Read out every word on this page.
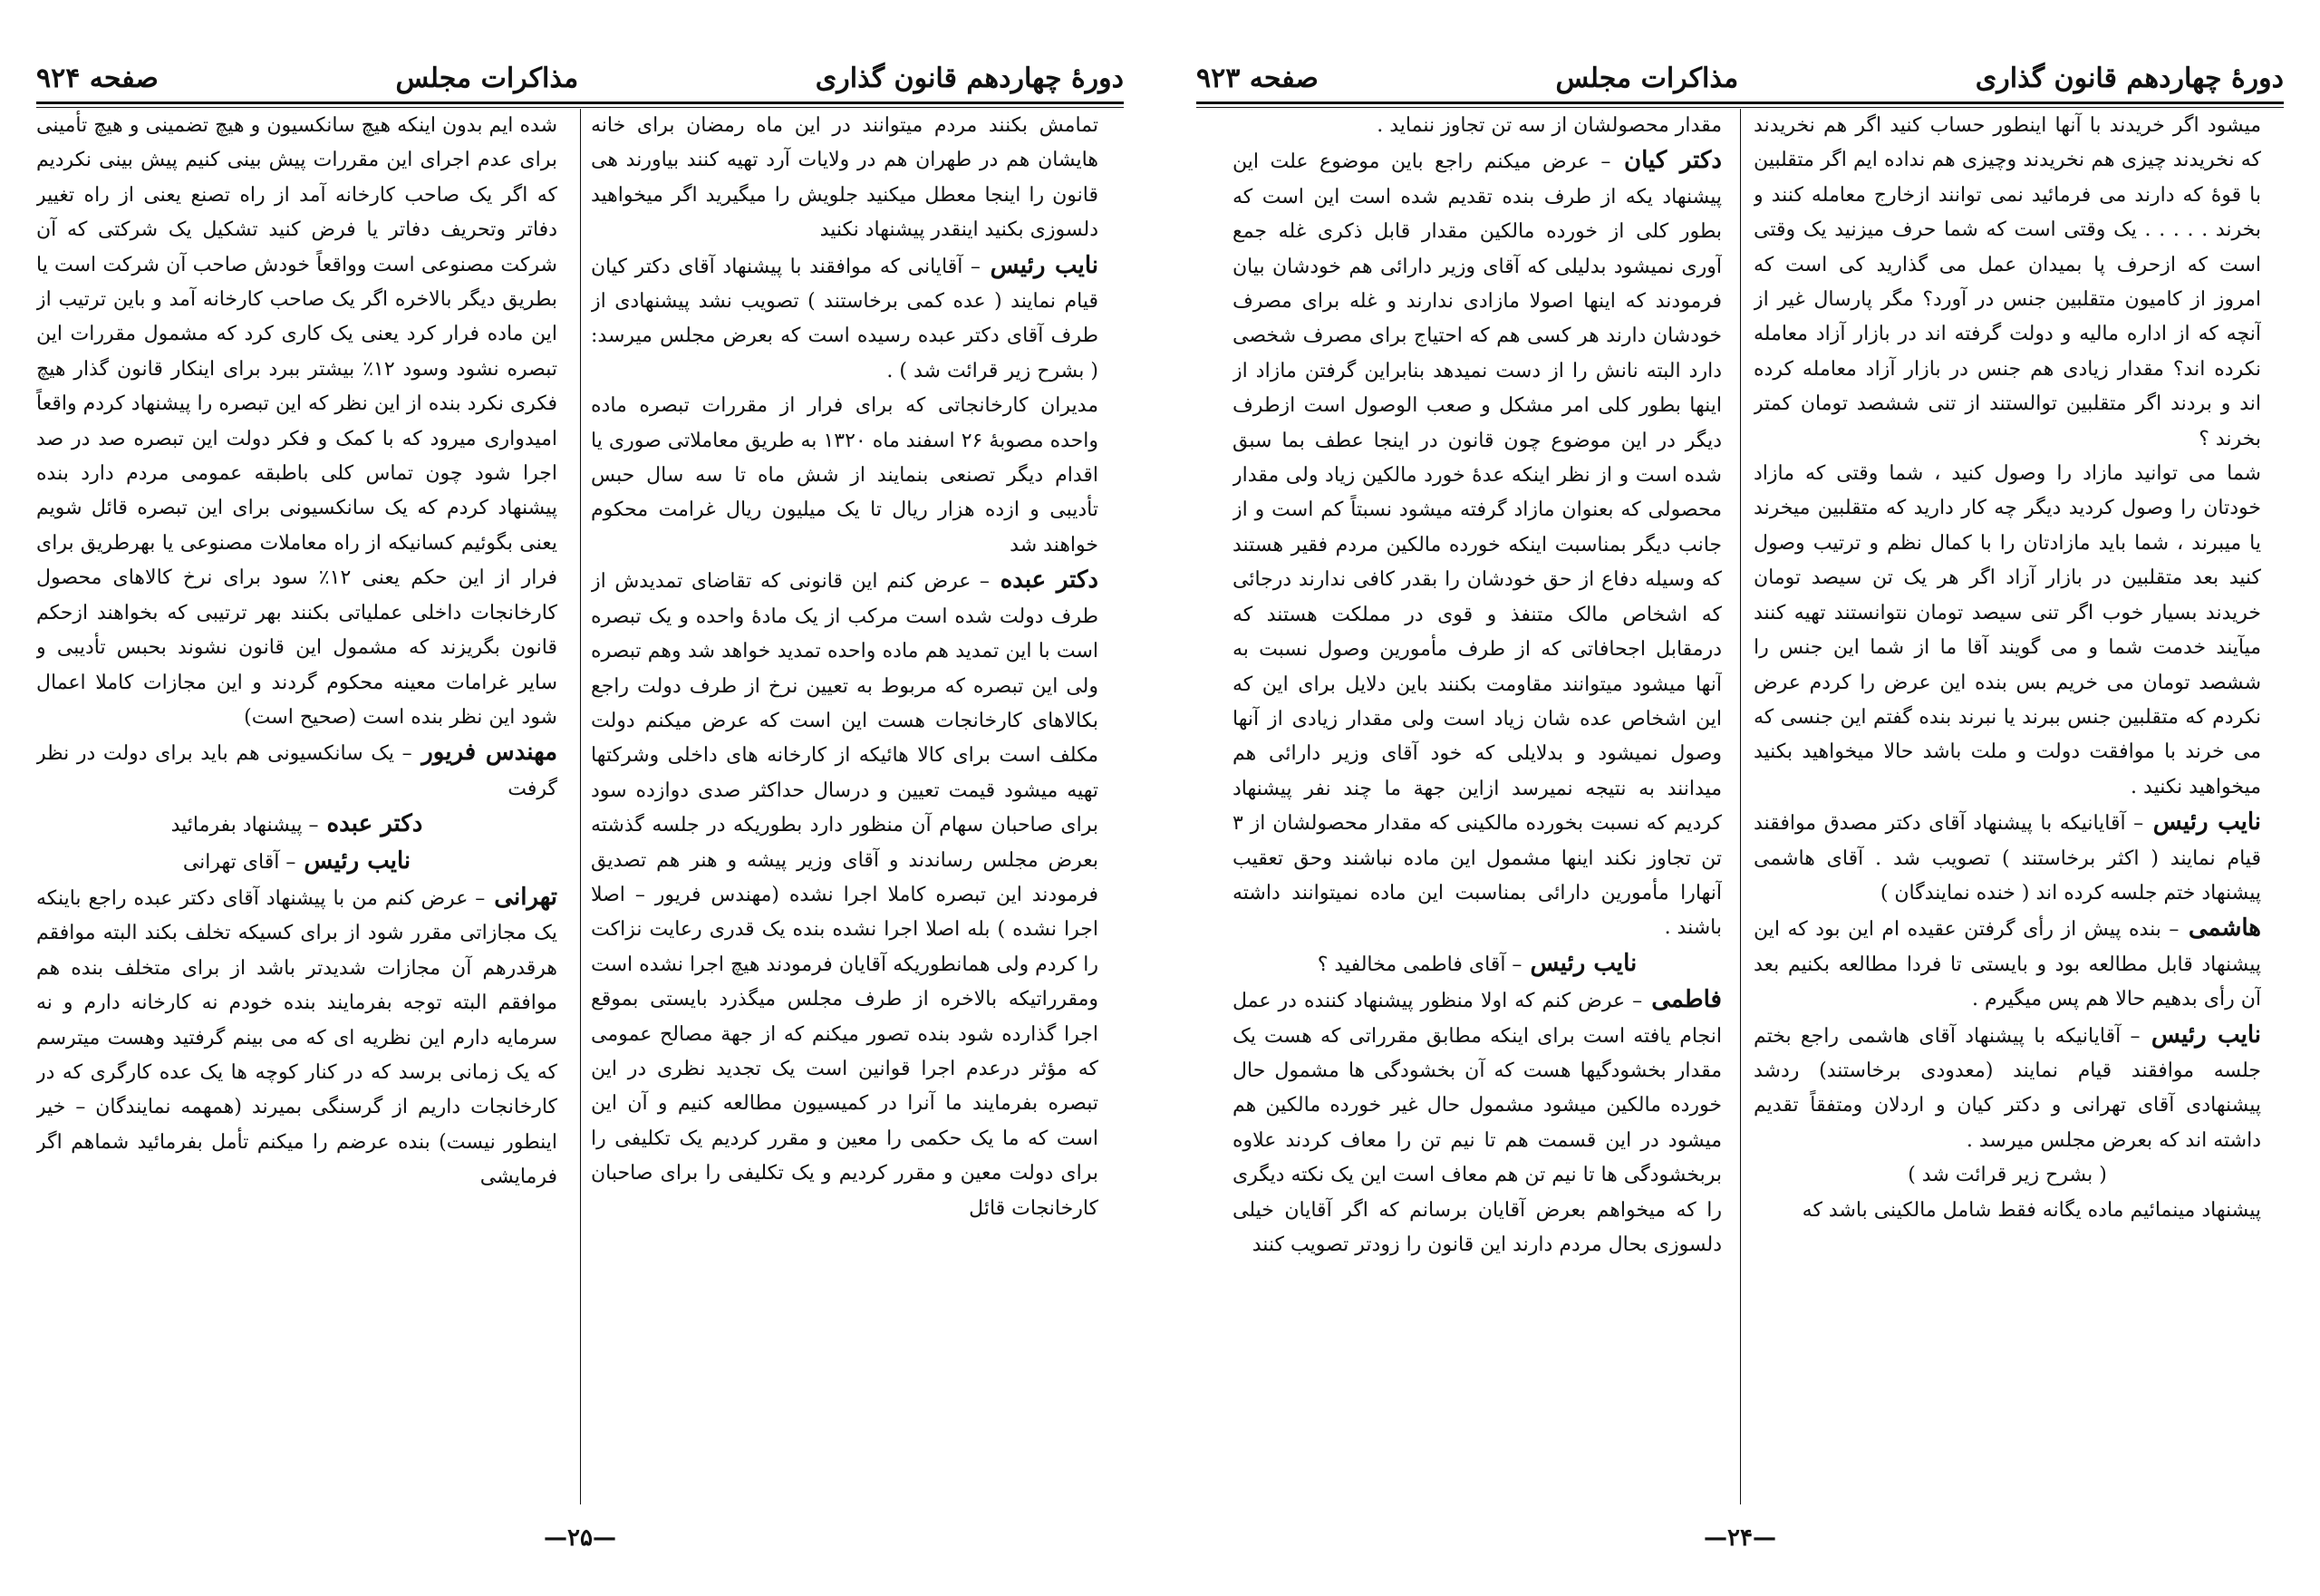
دورهٔ چهاردهم قانون گذاری
مذاکرات مجلس
صفحه ۹۲۴

تمامش بکنند مردم میتوانند در این ماه رمضان برای خانه هایشان هم در طهران هم در ولایات آرد تهیه کنند بیاورند هی قانون را اینجا معطل میکنید جلویش را میگیرید اگر میخواهید دلسوزی بکنید اینقدر پیشنهاد نکنید

نایب رئیس – آقایانی که موافقند با پیشنهاد آقای دکتر کیان قیام نمایند ( عده کمی برخاستند ) تصویب نشد پیشنهادی از طرف آقای دکتر عبده رسیده است که بعرض مجلس میرسد: ( بشرح زیر قرائت شد ) .

مدیران کارخانجاتی که برای فرار از مقررات تبصره ماده واحده مصوبهٔ ۲۶ اسفند ماه ۱۳۲۰ به طریق معاملاتی صوری یا اقدام دیگر تصنعی بنمایند از شش ماه تا سه سال حبس تأدیبی و ازده هزار ریال تا یک میلیون ریال غرامت محکوم خواهند شد

دکتر عبده – عرض کنم این قانونی که تقاضای تمدیدش از طرف دولت شده است مرکب از یک مادهٔ واحده و یک تبصره است با این تمدید هم ماده واحده تمدید خواهد شد وهم تبصره ولی این تبصره که مربوط به تعیین نرخ از طرف دولت راجع بکالاهای کارخانجات هست این است که عرض میکنم دولت مکلف است برای کالا هائیکه از کارخانه های داخلی وشرکتها تهیه میشود قیمت تعیین و درسال حداکثر صدی دوازده سود برای صاحبان سهام آن منظور دارد بطوریکه در جلسه گذشته بعرض مجلس رساندند و آقای وزیر پیشه و هنر هم تصدیق فرمودند این تبصره کاملا اجرا نشده (مهندس فریور – اصلا اجرا نشده ) بله اصلا اجرا نشده بنده یک قدری رعایت نزاکت را کردم ولی همانطوریکه آقایان فرمودند هیچ اجرا نشده است ومقرراتیکه بالاخره از طرف مجلس میگذرد بایستی بموقع اجرا گذارده شود بنده تصور میکنم که از جهة مصالح عمومی که مؤثر درعدم اجرا قوانین است یک تجدید نظری در این تبصره بفرمایند ما آنرا در کمیسیون مطالعه کنیم و آن این است که ما یک حکمی را معین و مقرر کردیم یک تکلیفی را برای دولت معین و مقرر کردیم و یک تکلیفی را برای صاحبان کارخانجات قائل

شده ایم بدون اینکه هیچ سانکسیون و هیچ تضمینی و هیچ تأمینی برای عدم اجرای این مقررات پیش بینی کنیم پیش بینی نکردیم که اگر یک صاحب کارخانه آمد از راه تصنع یعنی از راه تغییر دفاتر وتحریف دفاتر یا فرض کنید تشکیل یک شرکتی که آن شرکت مصنوعی است وواقعاً خودش صاحب آن شرکت است یا بطریق دیگر بالاخره اگر یک صاحب کارخانه آمد و باین ترتیب از این ماده فرار کرد یعنی یک کاری کرد که مشمول مقررات این تبصره نشود وسود ۱۲٪ بیشتر ببرد برای اینکار قانون گذار هیچ فکری نکرد بنده از این نظر که این تبصره را پیشنهاد کردم واقعاً امیدواری میرود که با کمک و فکر دولت این تبصره صد در صد اجرا شود چون تماس کلی باطبقه عمومی مردم دارد بنده پیشنهاد کردم که یک سانکسیونی برای این تبصره قائل شویم یعنی بگوئیم کسانیکه از راه معاملات مصنوعی یا بهرطریق برای فرار از این حکم یعنی ۱۲٪ سود برای نرخ کالاهای محصول کارخانجات داخلی عملیاتی بکنند بهر ترتیبی که بخواهند ازحکم قانون بگریزند که مشمول این قانون نشوند بحبس تأدیبی و سایر غرامات معینه محکوم گردند و این مجازات کاملا اعمال شود این نظر بنده است (صحیح است)

مهندس فریور – یک سانکسیونی هم باید برای دولت در نظر گرفت

دکتر عبده – پیشنهاد بفرمائید

نایب رئیس – آقای تهرانی

تهرانی – عرض کنم من با پیشنهاد آقای دکتر عبده راجع باینکه یک مجازاتی مقرر شود از برای کسیکه تخلف بکند البته موافقم هرقدرهم آن مجازات شدیدتر باشد از برای متخلف بنده هم موافقم البته توجه بفرمایند بنده خودم نه کارخانه دارم و نه سرمایه دارم این نظریه ای که می بینم گرفتید وهست میترسم که یک زمانی برسد که در کنار کوچه ها یک عده کارگری که در کارخانجات داریم از گرسنگی بمیرند (همهمه نمایندگان – خیر اینطور نیست) بنده عرضم را میکنم تأمل بفرمائید شماهم اگر فرمایشی

—۲۵—
دورهٔ چهاردهم قانون گذاری
مذاکرات مجلس
صفحه ۹۲۳

میشود اگر خریدند با آنها اینطور حساب کنید اگر هم نخریدند که نخریدند چیزی هم نخریدند وچیزی هم نداده ایم اگر متقلبین با قوهٔ که دارند می فرمائید نمی توانند ازخارج معامله کنند و بخرند . . . . . یک وقتی است که شما حرف میزنید یک وقتی است که ازحرف پا بمیدان عمل می گذارید کی است که امروز از کامیون متقلبین جنس در آورد؟ مگر پارسال غیر از آنچه که از اداره مالیه و دولت گرفته اند در بازار آزاد معامله نکرده اند؟ مقدار زیادی هم جنس در بازار آزاد معامله کرده اند و بردند اگر متقلبین توالستند از تنی ششصد تومان کمتر بخرند ؟

شما می توانید مازاد را وصول کنید ، شما وقتی که مازاد خودتان را وصول کردید دیگر چه کار دارید که متقلبین میخرند یا میبرند ، شما باید مازادتان را با کمال نظم و ترتیب وصول کنید بعد متقلبین در بازار آزاد اگر هر یک تن سیصد تومان خریدند بسیار خوب اگر تنی سیصد تومان نتوانستند تهیه کنند میآیند خدمت شما و می گویند آقا ما از شما این جنس را ششصد تومان می خریم بس بنده این عرض را کردم عرض نکردم که متقلبین جنس ببرند یا نبرند بنده گفتم این جنسی که می خرند با موافقت دولت و ملت باشد حالا میخواهید بکنید میخواهید نکنید .

نایب رئیس – آقایانیکه با پیشنهاد آقای دکتر مصدق موافقند قیام نمایند ( اکثر برخاستند ) تصویب شد . آقای هاشمی پیشنهاد ختم جلسه کرده اند ( خنده نمایندگان )

هاشمی – بنده پیش از رأی گرفتن عقیده ام این بود که این پیشنهاد قابل مطالعه بود و بایستی تا فردا مطالعه بکنیم بعد آن رأی بدهیم حالا هم پس میگیرم .

نایب رئیس – آقایانیکه با پیشنهاد آقای هاشمی راجع بختم جلسه موافقند قیام نمایند (معدودی برخاستند) ردشد پیشنهادی آقای تهرانی و دکتر کیان و اردلان ومتفقاً تقدیم داشته اند که بعرض مجلس میرسد .

( بشرح زیر قرائت شد )

پیشنهاد مینمائیم ماده یگانه فقط شامل مالکینی باشد که

مقدار محصولشان از سه تن تجاوز ننماید .

دکتر کیان – عرض میکنم راجع باین موضوع علت این پیشنهاد یکه از طرف بنده تقدیم شده است این است که بطور کلی از خورده مالکین مقدار قابل ذکری غله جمع آوری نمیشود بدلیلی که آقای وزیر دارائی هم خودشان بیان فرمودند که اینها اصولا مازادی ندارند و غله برای مصرف خودشان دارند هر کسی هم که احتیاج برای مصرف شخصی دارد البته نانش را از دست نمیدهد بنابراین گرفتن مازاد از اینها بطور کلی امر مشکل و صعب الوصول است ازطرف دیگر در این موضوع چون قانون در اینجا عطف بما سبق شده است و از نظر اینکه عدهٔ خورد مالکین زیاد ولی مقدار محصولی که بعنوان مازاد گرفته میشود نسبتاً کم است و از جانب دیگر بمناسبت اینکه خورده مالکین مردم فقیر هستند که وسیله دفاع از حق خودشان را بقدر کافی ندارند درجائی که اشخاص مالک متنفذ و قوی در مملکت هستند که درمقابل اجحافاتی که از طرف مأمورین وصول نسبت به آنها میشود میتوانند مقاومت بکنند باین دلایل برای این که این اشخاص عده شان زیاد است ولی مقدار زیادی از آنها وصول نمیشود و بدلایلی که خود آقای وزیر دارائی هم میدانند به نتیجه نمیرسد ازاین جهة ما چند نفر پیشنهاد کردیم که نسبت بخورده مالکینی که مقدار محصولشان از ۳ تن تجاوز نکند اینها مشمول این ماده نباشند وحق تعقیب آنهارا مأمورین دارائی بمناسبت این ماده نمیتوانند داشته باشند .

نایب رئیس – آقای فاطمی مخالفید ؟

فاطمی – عرض کنم که اولا منظور پیشنهاد کننده در عمل انجام یافته است برای اینکه مطابق مقرراتی که هست یک مقدار بخشودگیها هست که آن بخشودگی ها مشمول حال خورده مالکین میشود مشمول حال غیر خورده مالکین هم میشود در این قسمت هم تا نیم تن را معاف کردند علاوه بربخشودگی ها تا نیم تن هم معاف است این یک نکته دیگری را که میخواهم بعرض آقایان برسانم که اگر آقایان خیلی دلسوزی بحال مردم دارند این قانون را زودتر تصویب کنند

—۲۴—
